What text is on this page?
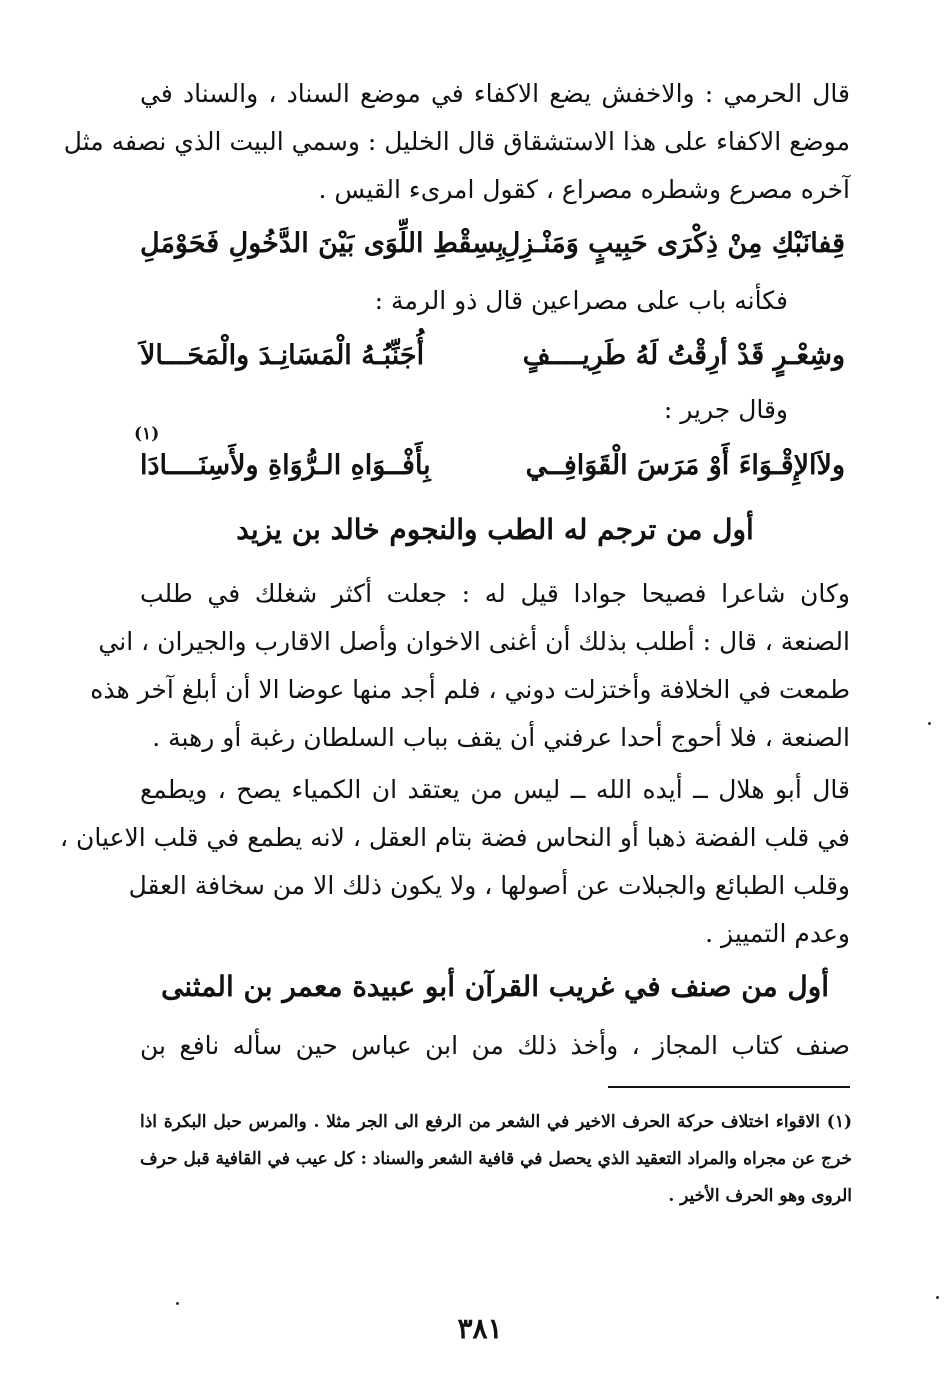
قال الحرمي : والاخفش يضع الاكفاء في موضع السناد ، والسناد في
موضع الاكفاء على هذا الاستشقاق قال الخليل : وسمي البيت الذي نصفه مثل
آخره مصرع وشطره مصراع ، كقول امرىء القيس .
قِفانَبْكِ مِنْ ذِكْرَى حَبِيبٍ وَمَنْـزِلِ
بِسِقْطِ اللِّوَى بَيْنَ الدَّخُولِ فَحَوْمَلِ
فكأنه باب على مصراعين قال ذو الرمة :
وشِعْـرٍ قَدْ أرِقْتُ لَهُ طَرِيــــفٍ
أُجَنِّبُـهُ الْمَسَانِـدَ والْمَحَـــالاَ
وقال جرير :
ولاَالإِقْـوَاءَ أَوْ مَرَسَ الْقَوَافِــي
بِأَفْــوَاهِ الـرُّوَاةِ ولأَسِنَــــادَا
(١)
أول من ترجم له الطب والنجوم خالد بن يزيد
وكان شاعرا فصيحا جوادا قيل له : جعلت أكثر شغلك في طلب
الصنعة ، قال : أطلب بذلك أن أغنى الاخوان وأصل الاقارب والجيران ، اني
طمعت في الخلافة وأختزلت دوني ، فلم أجد منها عوضا الا أن أبلغ آخر هذه
الصنعة ، فلا أحوج أحدا عرفني أن يقف بباب السلطان رغبة أو رهبة .
قال أبو هلال ــ أيده الله ــ ليس من يعتقد ان الكمياء يصح ، ويطمع
في قلب الفضة ذهبا أو النحاس فضة بتام العقل ، لانه يطمع في قلب الاعيان ،
وقلب الطبائع والجبلات عن أصولها ، ولا يكون ذلك الا من سخافة العقل
وعدم التمييز .
أول من صنف في غريب القرآن أبو عبيدة معمر بن المثنى
صنف كتاب المجاز ، وأخذ ذلك من ابن عباس حين سأله نافع بن
(١) الاقواء اختلاف حركة الحرف الاخير في الشعر من الرفع الى الجر مثلا . والمرس حبل البكرة اذا
خرج عن مجراه والمراد التعقيد الذي يحصل في قافية الشعر والسناد : كل عيب في القافية قبل حرف
الروى وهو الحرف الأخير .
٣٨١
